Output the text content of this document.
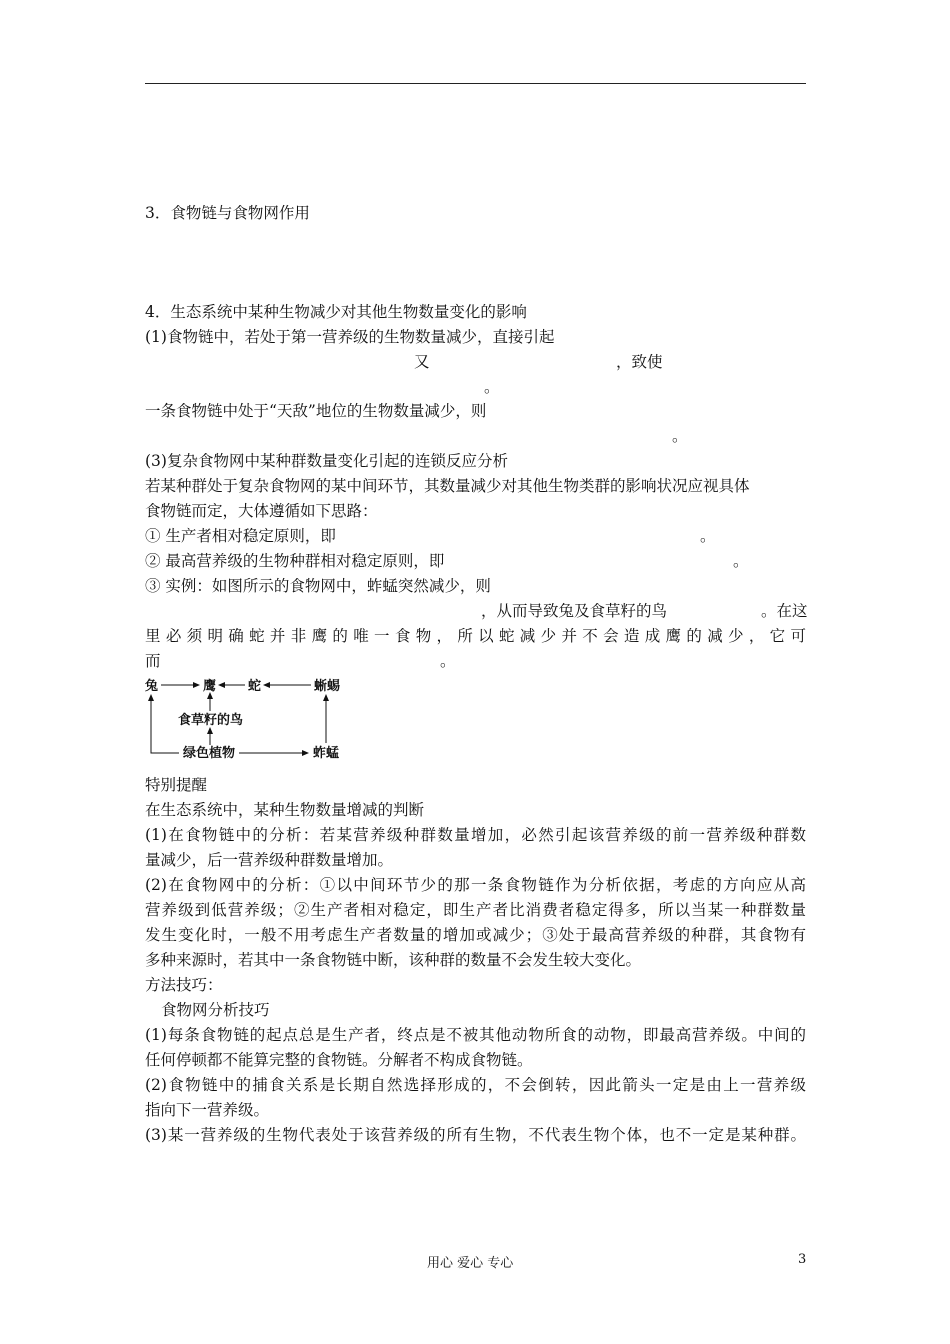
3．食物链与食物网作用
4．生态系统中某种生物减少对其他生物数量变化的影响
(1)食物链中，若处于第一营养级的生物数量减少，直接引起
又	，致使
。
一条食物链中处于“天敌”地位的生物数量减少，则
。
(3)复杂食物网中某种群数量变化引起的连锁反应分析
若某种群处于复杂食物网的某中间环节，其数量减少对其他生物类群的影响状况应视具体
食物链而定，大体遵循如下思路：
① 生产者相对稳定原则，即	。
② 最高营养级的生物种群相对稳定原则，即	。
③ 实例：如图所示的食物网中，蚱蜢突然减少，则
，从而导致兔及食草籽的鸟	。在这
里必须明确蛇并非鹰的唯一食物，所以蛇减少并不会造成鹰的减少，它可
而	。
兔	鹰 蛇	蜥蜴
食草籽的鸟
绿色植物	蚱蜢
特别提醒
在生态系统中，某种生物数量增减的判断
(1)在食物链中的分析：若某营养级种群数量增加，必然引起该营养级的前一营养级种群数
量减少，后一营养级种群数量增加。
(2)在食物网中的分析：①以中间环节少的那一条食物链作为分析依据，考虑的方向应从高
营养级到低营养级；②生产者相对稳定，即生产者比消费者稳定得多，所以当某一种群数量
发生变化时，一般不用考虑生产者数量的增加或减少；③处于最高营养级的种群，其食物有
多种来源时，若其中一条食物链中断，该种群的数量不会发生较大变化。
方法技巧：
食物网分析技巧
(1)每条食物链的起点总是生产者，终点是不被其他动物所食的动物，即最高营养级。中间的
任何停顿都不能算完整的食物链。分解者不构成食物链。
(2)食物链中的捕食关系是长期自然选择形成的，不会倒转，因此箭头一定是由上一营养级
指向下一营养级。
(3)某一营养级的生物代表处于该营养级的所有生物，不代表生物个体，也不一定是某种群。
用心 爱心 专心	3
